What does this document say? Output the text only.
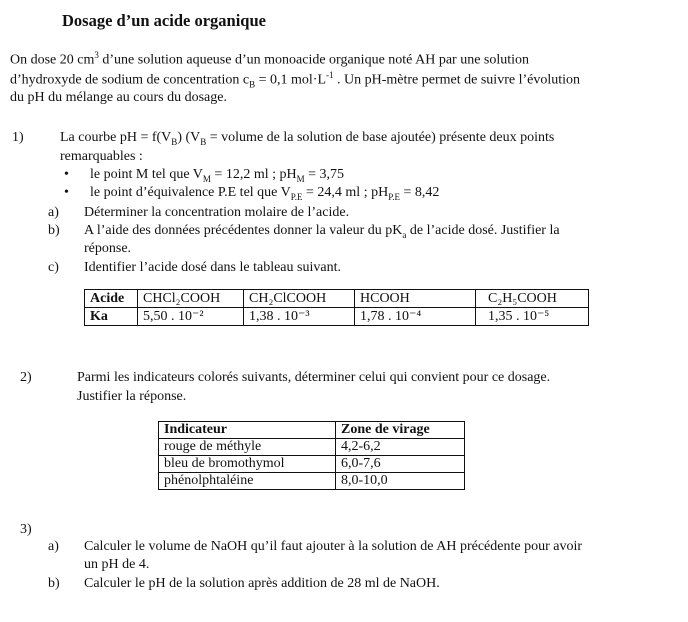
Dosage d’un acide organique
On dose 20 $cm^3$ d’une solution aqueuse d’un monoacide organique noté AH par une solution
d’hydroxyde de sodium de concentration $c_B = 0,1$ $mol\cdot L^{-1}$ . Un pH-mètre permet de suivre l’évolution
du pH du mélange au cours du dosage.
1)	La courbe pH = $f(V_B) (V_B$ = volume de la solution de base ajoutée) présente deux points
remarquables :
• le point M tel que $V_M = 12,2$ ml ; $pH_M = 3,75$
• le point d’équivalence P.E tel que $V_{P.E} = 24,4$ ml ; $pH_{P.E} = 8,42$
a) Déterminer la concentration molaire de l’acide.
b) A l’aide des données précédentes donner la valeur du $pK_a$ de l’acide dosé. Justifier la
réponse.
c) Identifier l’acide dosé dans le tableau suivant.
Acide	CHCl₂COOH	CH₂ClCOOH	HCOOH	C₂H₅COOH
Ka	5,50 . 10⁻²	1,38 . 10⁻³	1,78 . 10⁻⁴	1,35 . 10⁻⁵
2)	Parmi les indicateurs colorés suivants, déterminer celui qui convient pour ce dosage.
Justifier la réponse.
Indicateur	Zone de virage
rouge de méthyle	4,2-6,2
bleu de bromothymol	6,0-7,6
phénolphtaléine	8,0-10,0
3)
a) Calculer le volume de NaOH qu’il faut ajouter à la solution de AH précédente pour avoir
un pH de 4.
b) Calculer le pH de la solution après addition de 28 ml de NaOH.
